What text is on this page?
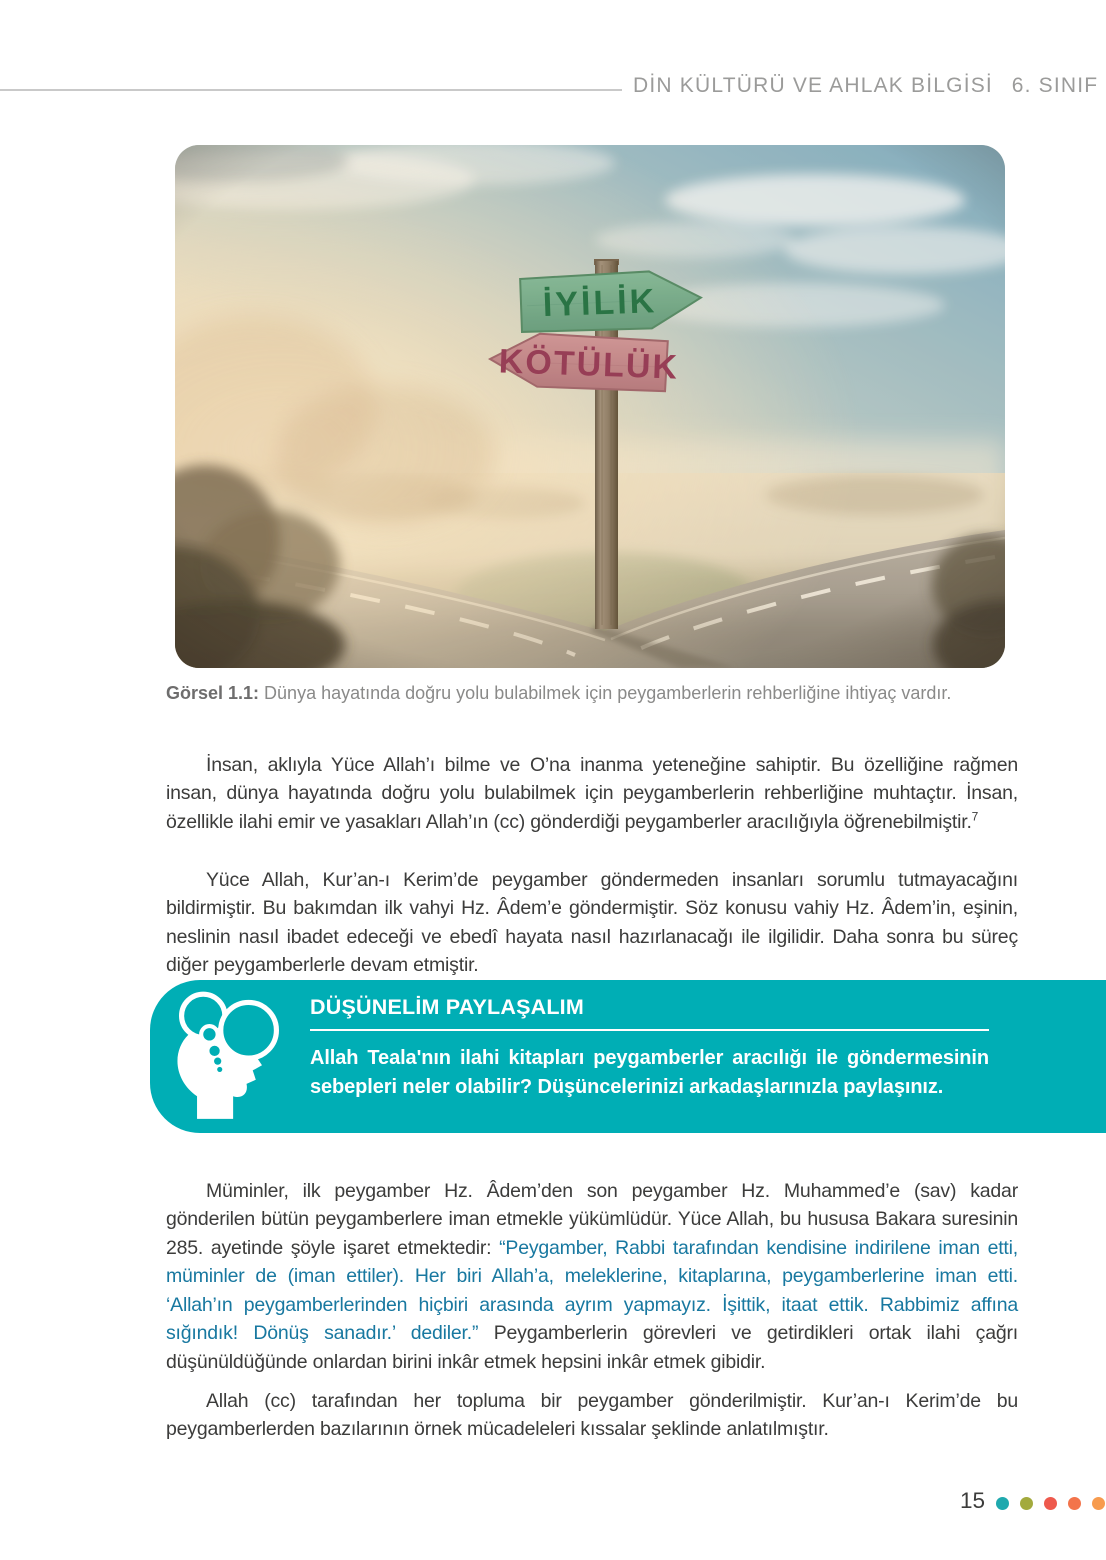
DİN KÜLTÜRÜ VE AHLAK BİLGİSİ  6. SINIF
Görsel 1.1: Dünya hayatında doğru yolu bulabilmek için peygamberlerin rehberliğine ihtiyaç vardır.

İnsan, aklıyla Yüce Allah’ı bilme ve O’na inanma yeteneğine sahiptir. Bu özelliğine rağmen insan, dünya hayatında doğru yolu bulabilmek için peygamberlerin rehberliğine muhtaçtır. İnsan, özellikle ilahi emir ve yasakları Allah’ın (cc) gönderdiği peygamberler aracılığıyla öğrenebilmiştir.$^7$

Yüce Allah, Kur’an-ı Kerim’de peygamber göndermeden insanları sorumlu tutmayacağını bildirmiştir. Bu bakımdan ilk vahyi Hz. Âdem’e göndermiştir. Söz konusu vahiy Hz. Âdem’in, eşinin, neslinin nasıl ibadet edeceği ve ebedî hayata nasıl hazırlanacağı ile ilgilidir. Daha sonra bu süreç diğer peygamberlerle devam etmiştir.

DÜŞÜNELİM PAYLAŞALIM
Allah Teala'nın ilahi kitapları peygamberler aracılığı ile göndermesinin sebepleri neler olabilir? Düşüncelerinizi arkadaşlarınızla paylaşınız.

Müminler, ilk peygamber Hz. Âdem’den son peygamber Hz. Muhammed’e (sav) kadar gönderilen bütün peygamberlere iman etmekle yükümlüdür. Yüce Allah, bu hususa Bakara suresinin 285. ayetinde şöyle işaret etmektedir: “Peygamber, Rabbi tarafından kendisine indirilene iman etti, müminler de (iman ettiler). Her biri Allah’a, meleklerine, kitaplarına, peygamberlerine iman etti. ‘Allah’ın peygamberlerinden hiçbiri arasında ayrım yapmayız. İşittik, itaat ettik. Rabbimiz affına sığındık! Dönüş sanadır.’ dediler.” Peygamberlerin görevleri ve getirdikleri ortak ilahi çağrı düşünüldüğünde onlardan birini inkâr etmek hepsini inkâr etmek gibidir.

Allah (cc) tarafından her topluma bir peygamber gönderilmiştir. Kur’an-ı Kerim’de bu peygamberlerden bazılarının örnek mücadeleleri kıssalar şeklinde anlatılmıştır.

15
